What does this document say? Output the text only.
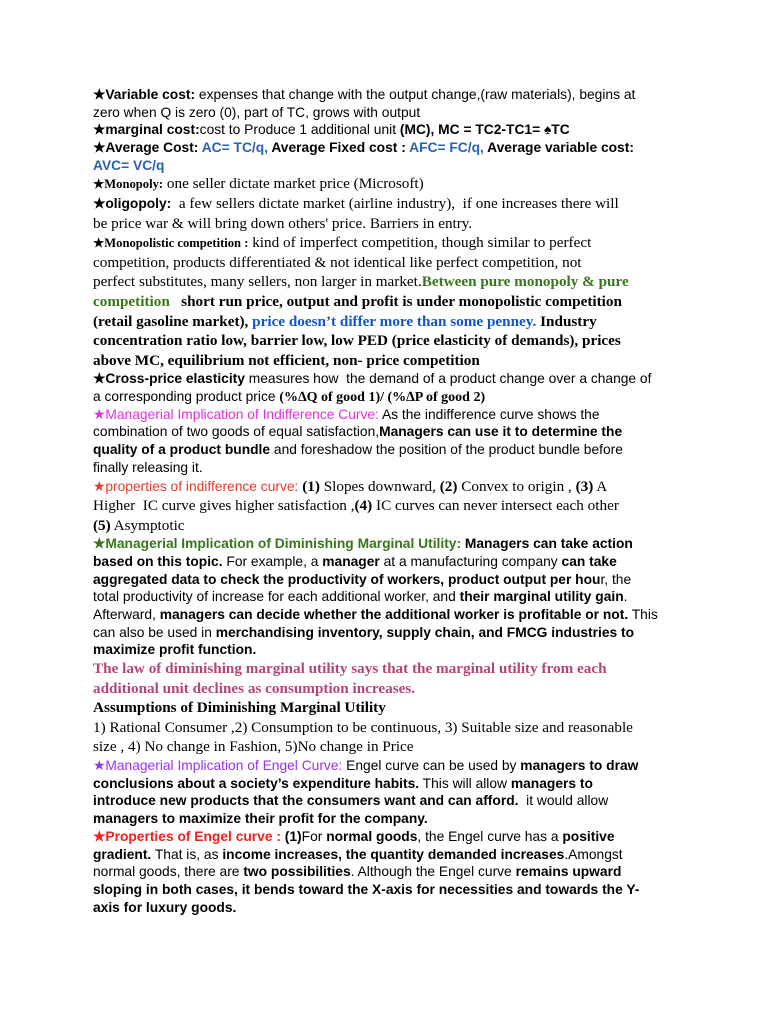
★Variable cost: expenses that change with the output change,(raw materials), begins at
zero when Q is zero (0), part of TC, grows with output
★marginal cost:cost to Produce 1 additional unit (MC), MC = TC2-TC1= ♠TC
★Average Cost: AC= TC/q, Average Fixed cost : AFC= FC/q, Average variable cost:
AVC= VC/q
★Monopoly: one seller dictate market price (Microsoft)
★oligopoly:  a few sellers dictate market (airline industry),  if one increases there will
be price war & will bring down others' price. Barriers in entry.
★Monopolistic competition : kind of imperfect competition, though similar to perfect
competition, products differentiated & not identical like perfect competition, not
perfect substitutes, many sellers, non larger in market.Between pure monopoly & pure
competition   short run price, output and profit is under monopolistic competition
(retail gasoline market), price doesn’t differ more than some penney. Industry
concentration ratio low, barrier low, low PED (price elasticity of demands), prices
above MC, equilibrium not efficient, non- price competition
★Cross-price elasticity measures how  the demand of a product change over a change of
a corresponding product price (%∆Q of good 1)/ (%∆P of good 2)
★Managerial Implication of Indifference Curve: As the indifference curve shows the
combination of two goods of equal satisfaction,Managers can use it to determine the
quality of a product bundle and foreshadow the position of the product bundle before
finally releasing it.
★properties of indifference curve: (1) Slopes downward, (2) Convex to origin , (3) A
Higher  IC curve gives higher satisfaction ,(4) IC curves can never intersect each other
(5) Asymptotic
★Managerial Implication of Diminishing Marginal Utility: Managers can take action
based on this topic. For example, a manager at a manufacturing company can take
aggregated data to check the productivity of workers, product output per hour, the
total productivity of increase for each additional worker, and their marginal utility gain.
Afterward, managers can decide whether the additional worker is profitable or not. This
can also be used in merchandising inventory, supply chain, and FMCG industries to
maximize profit function.
The law of diminishing marginal utility says that the marginal utility from each
additional unit declines as consumption increases.
Assumptions of Diminishing Marginal Utility
1) Rational Consumer ,2) Consumption to be continuous, 3) Suitable size and reasonable
size , 4) No change in Fashion, 5)No change in Price
★Managerial Implication of Engel Curve: Engel curve can be used by managers to draw
conclusions about a society’s expenditure habits. This will allow managers to
introduce new products that the consumers want and can afford.  it would allow
managers to maximize their profit for the company.
★Properties of Engel curve : (1)For normal goods, the Engel curve has a positive
gradient. That is, as income increases, the quantity demanded increases.Amongst
normal goods, there are two possibilities. Although the Engel curve remains upward
sloping in both cases, it bends toward the X-axis for necessities and towards the Y-
axis for luxury goods.
